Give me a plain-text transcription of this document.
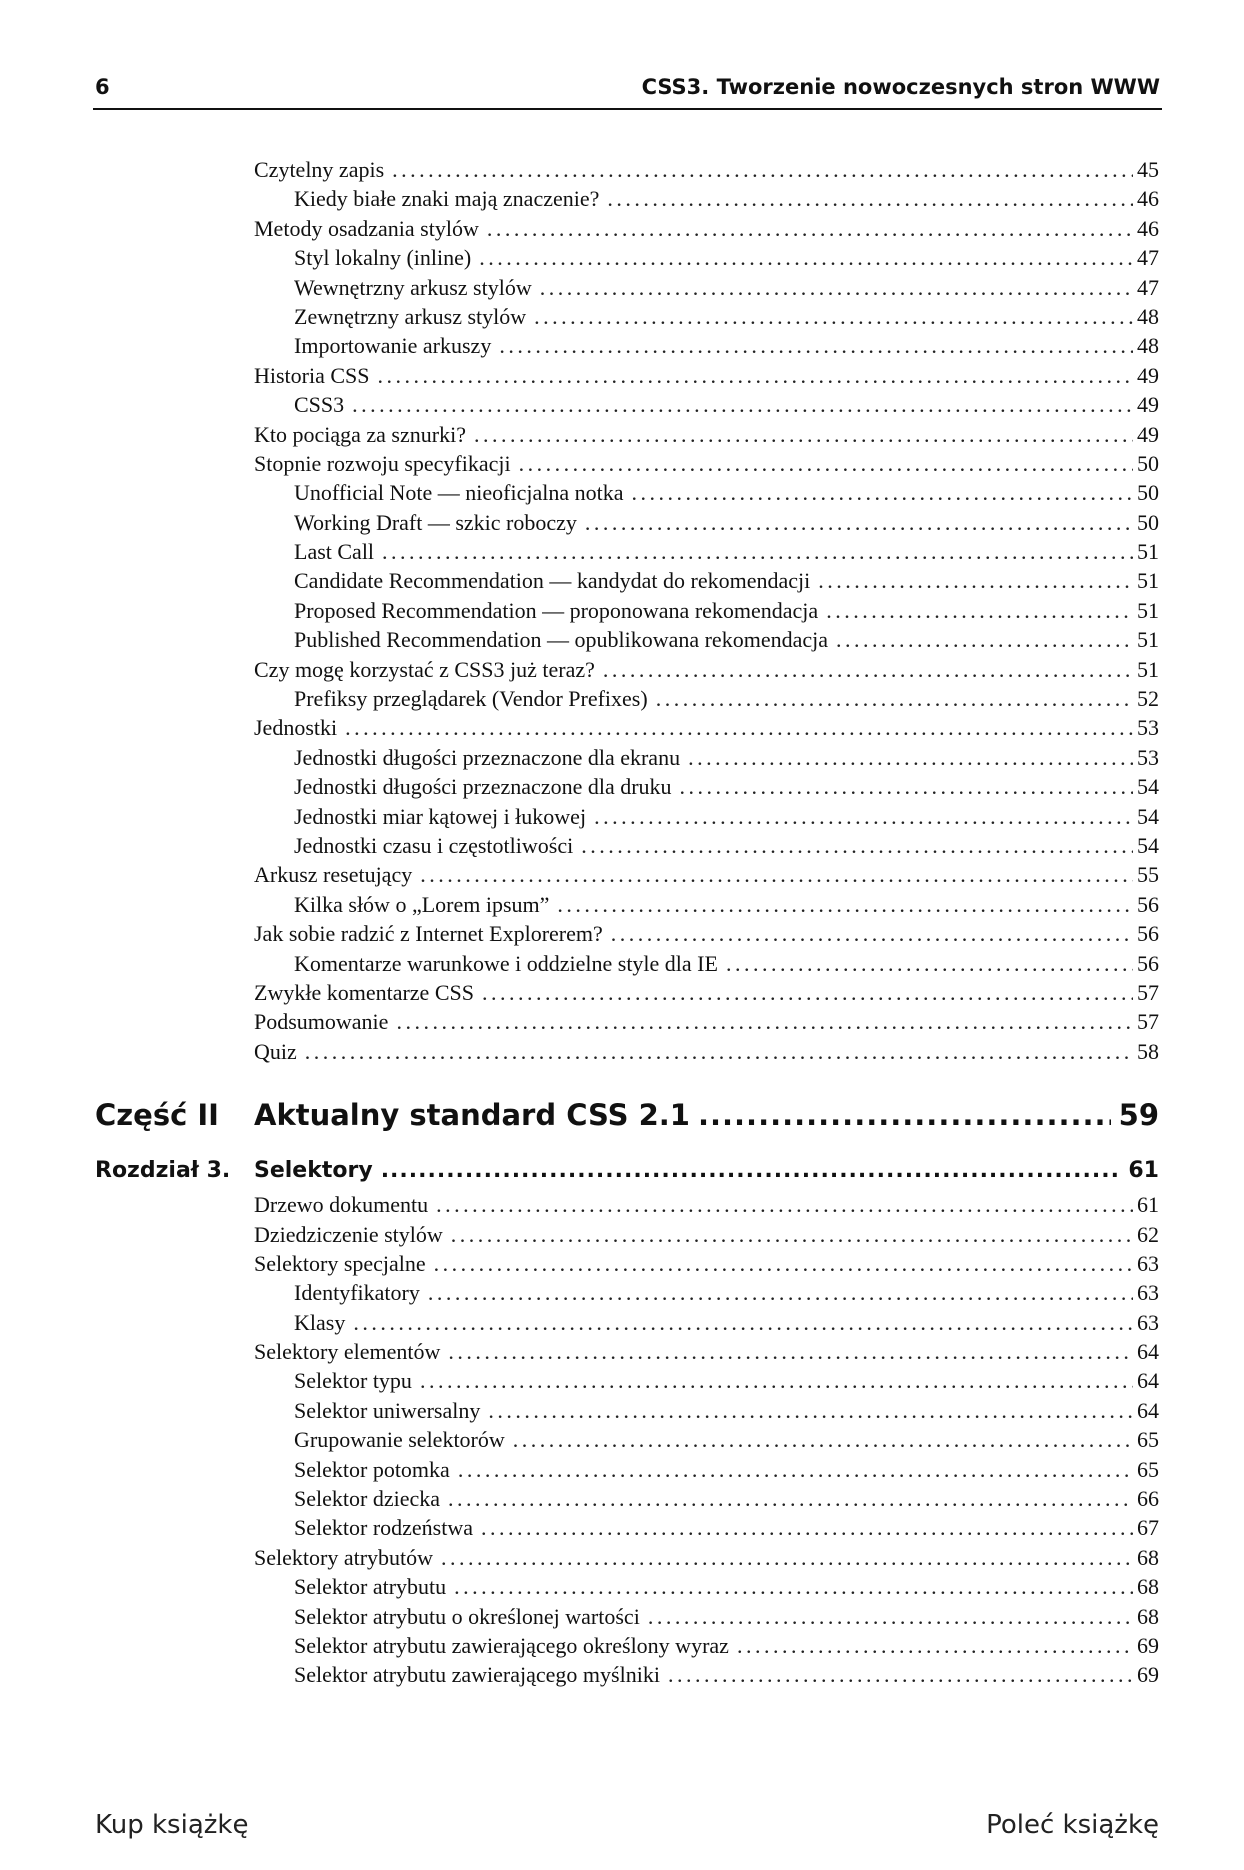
6	CSS3. Tworzenie nowoczesnych stron WWW
Czytelny zapis . . .	45
Kiedy białe znaki mają znaczenie? . . .	46
Metody osadzania stylów . . .	46
Styl lokalny (inline) . . .	47
Wewnętrzny arkusz stylów . . .	47
Zewnętrzny arkusz stylów . . .	48
Importowanie arkuszy . . .	48
Historia CSS . . .	49
CSS3 . . .	49
Kto pociąga za sznurki? . . .	49
Stopnie rozwoju specyfikacji . . .	50
Unofficial Note — nieoficjalna notka . . .	50
Working Draft — szkic roboczy . . .	50
Last Call . . .	51
Candidate Recommendation — kandydat do rekomendacji . . .	51
Proposed Recommendation — proponowana rekomendacja . . .	51
Published Recommendation — opublikowana rekomendacja . . .	51
Czy mogę korzystać z CSS3 już teraz? . . .	51
Prefiksy przeglądarek (Vendor Prefixes) . . .	52
Jednostki . . .	53
Jednostki długości przeznaczone dla ekranu . . .	53
Jednostki długości przeznaczone dla druku . . .	54
Jednostki miar kątowej i łukowej . . .	54
Jednostki czasu i częstotliwości . . .	54
Arkusz resetujący . . .	55
Kilka słów o „Lorem ipsum” . . .	56
Jak sobie radzić z Internet Explorerem? . . .	56
Komentarze warunkowe i oddzielne style dla IE . . .	56
Zwykłe komentarze CSS . . .	57
Podsumowanie . . .	57
Quiz . . .	58
Część II Aktualny standard CSS 2.1 .....	59
Rozdział 3. Selektory .....	61
Drzewo dokumentu . . .	61
Dziedziczenie stylów . . .	62
Selektory specjalne . . .	63
Identyfikatory . . .	63
Klasy . . .	63
Selektory elementów . . .	64
Selektor typu . . .	64
Selektor uniwersalny . . .	64
Grupowanie selektorów . . .	65
Selektor potomka . . .	65
Selektor dziecka . . .	66
Selektor rodzeństwa . . .	67
Selektory atrybutów . . .	68
Selektor atrybutu . . .	68
Selektor atrybutu o określonej wartości . . .	68
Selektor atrybutu zawierającego określony wyraz . . .	69
Selektor atrybutu zawierającego myślniki . . .	69
Kup książkę	Poleć książkę
